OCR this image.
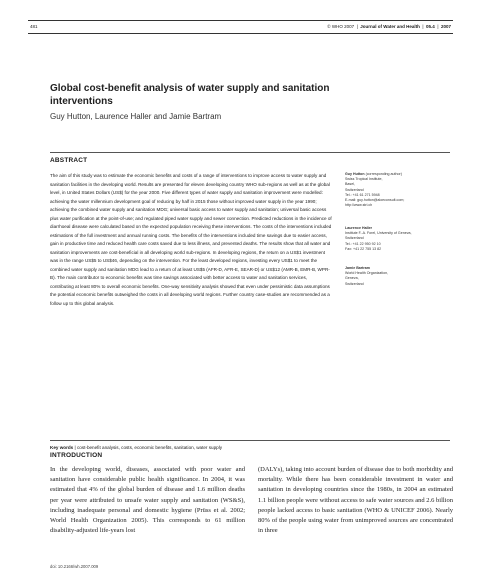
481	© WHO 2007  |  Journal of Water and Health  |  05.4  |  2007
Global cost-benefit analysis of water supply and sanitation interventions
Guy Hutton, Laurence Haller and Jamie Bartram
ABSTRACT
The aim of this study was to estimate the economic benefits and costs of a range of interventions to improve access to water supply and sanitation facilities in the developing world. Results are presented for eleven developing country WHO sub-regions as well as at the global level, in United States Dollars (US$) for the year 2000. Five different types of water supply and sanitation improvement were modelled: achieving the water millennium development goal of reducing by half in 2015 those without improved water supply in the year 1990; achieving the combined water supply and sanitation MDG; universal basic access to water supply and sanitation; universal basic access plus water purification at the point-of-use; and regulated piped water supply and sewer connection. Predicted reductions in the incidence of diarrhoeal disease were calculated based on the expected population receiving these interventions. The costs of the interventions included estimations of the full investment and annual running costs. The benefits of the interventions included time savings due to easier access, gain in productive time and reduced health care costs saved due to less illness, and prevented deaths. The results show that all water and sanitation improvements are cost-beneficial in all developing world sub-regions. In developing regions, the return on a US$1 investment was in the range US$5 to US$46, depending on the intervention. For the least developed regions, investing every US$1 to meet the combined water supply and sanitation MDG lead to a return of at least US$5 (AFR-D, AFR-E, SEAR-D) or US$12 (AMR-B, EMR-B, WPR-B). The main contributor to economic benefits was time savings associated with better access to water and sanitation services, contributing at least 80% to overall economic benefits. One-way sensitivity analysis showed that even under pessimistic data assumptions the potential economic benefits outweighed the costs in all developing world regions. Further country case-studies are recommended as a follow up to this global analysis.
Key words | cost-benefit analysis, costs, economic benefits, sanitation, water supply
Guy Hutton (corresponding author)
Swiss Tropical Institute,
Basel,
Switzerland
Tel.: +41 61 271 5948
E-mail: guy.hutton@aloeconsult.com;
http://www.stri.ch
Laurence Haller
Institute F.-A. Forel, University of Geneva,
Switzerland
Tel.: +41 22 950 92 10
Fax: +41 22 755 13 82
Jamie Bartram
World Health Organization,
Geneva,
Switzerland
INTRODUCTION
In the developing world, diseases, associated with poor water and sanitation have considerable public health significance. In 2004, it was estimated that 4% of the global burden of disease and 1.6 million deaths per year were attributed to unsafe water supply and sanitation (WS&S), including inadequate personal and domestic hygiene (Prüss et al. 2002; World Health Organization 2005). This corresponds to 61 million disability-adjusted life-years lost
(DALYs), taking into account burden of disease due to both morbidity and mortality. While there has been considerable investment in water and sanitation in developing countries since the 1980s, in 2004 an estimated 1.1 billion people were without access to safe water sources and 2.6 billion people lacked access to basic sanitation (WHO & UNICEF 2006). Nearly 80% of the people using water from unimproved sources are concentrated in three
doi: 10.2166/wh.2007.009
